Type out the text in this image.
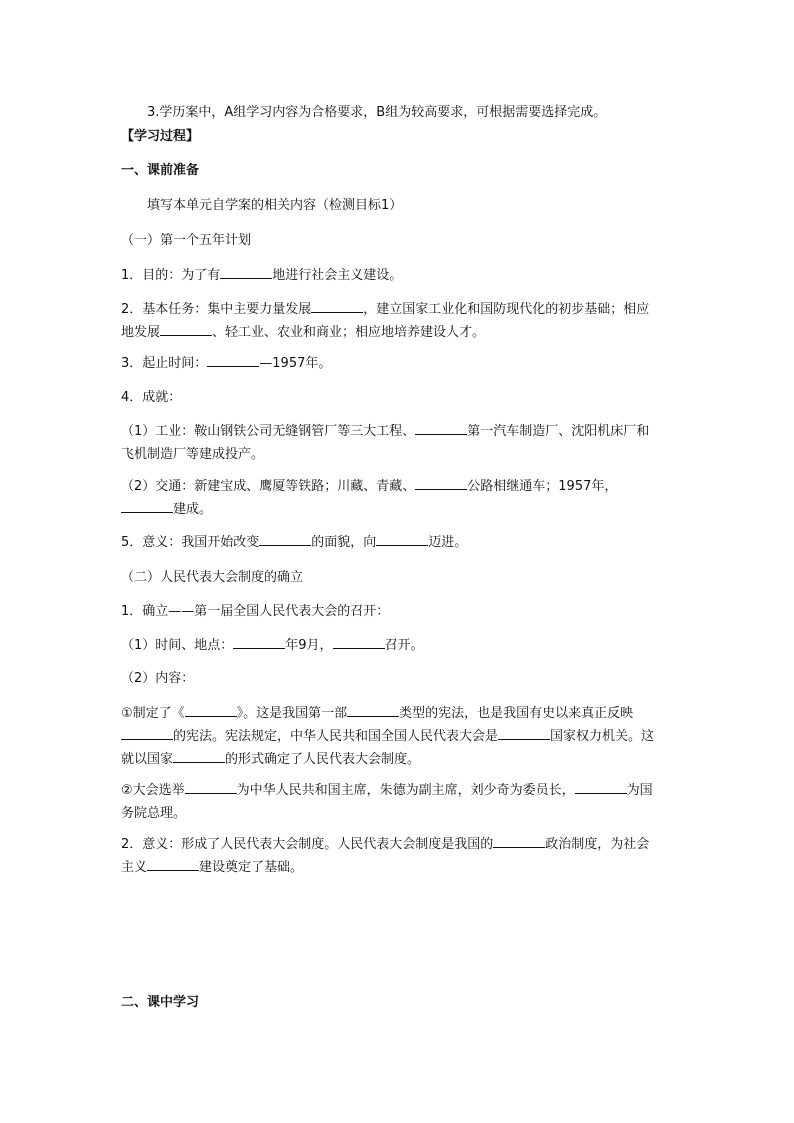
3.学历案中，A组学习内容为合格要求，B组为较高要求，可根据需要选择完成。
【学习过程】
一、课前准备
填写本单元自学案的相关内容（检测目标1）
（一）第一个五年计划
1．目的：为了有	地进行社会主义建设。
2．基本任务：集中主要力量发展	，建立国家工业化和国防现代化的初步基础；相应
地发展	、轻工业、农业和商业；相应地培养建设人才。
3．起止时间：	—1957年。
4．成就：
（1）工业：鞍山钢铁公司无缝钢管厂等三大工程、	第一汽车制造厂、沈阳机床厂和
飞机制造厂等建成投产。
（2）交通：新建宝成、鹰厦等铁路；川藏、青藏、	公路相继通车；1957年，
建成。
5．意义：我国开始改变	的面貌，向	迈进。
（二）人民代表大会制度的确立
1．确立——第一届全国人民代表大会的召开：
（1）时间、地点：	年9月，	召开。
（2）内容：
①制定了《	》。这是我国第一部	类型的宪法，也是我国有史以来真正反映
的宪法。宪法规定，中华人民共和国全国人民代表大会是	国家权力机关。这
就以国家	的形式确定了人民代表大会制度。
②大会选举	为中华人民共和国主席，朱德为副主席，刘少奇为委员长，	为国
务院总理。
2．意义：形成了人民代表大会制度。人民代表大会制度是我国的	政治制度，为社会
主义	建设奠定了基础。
二、课中学习
